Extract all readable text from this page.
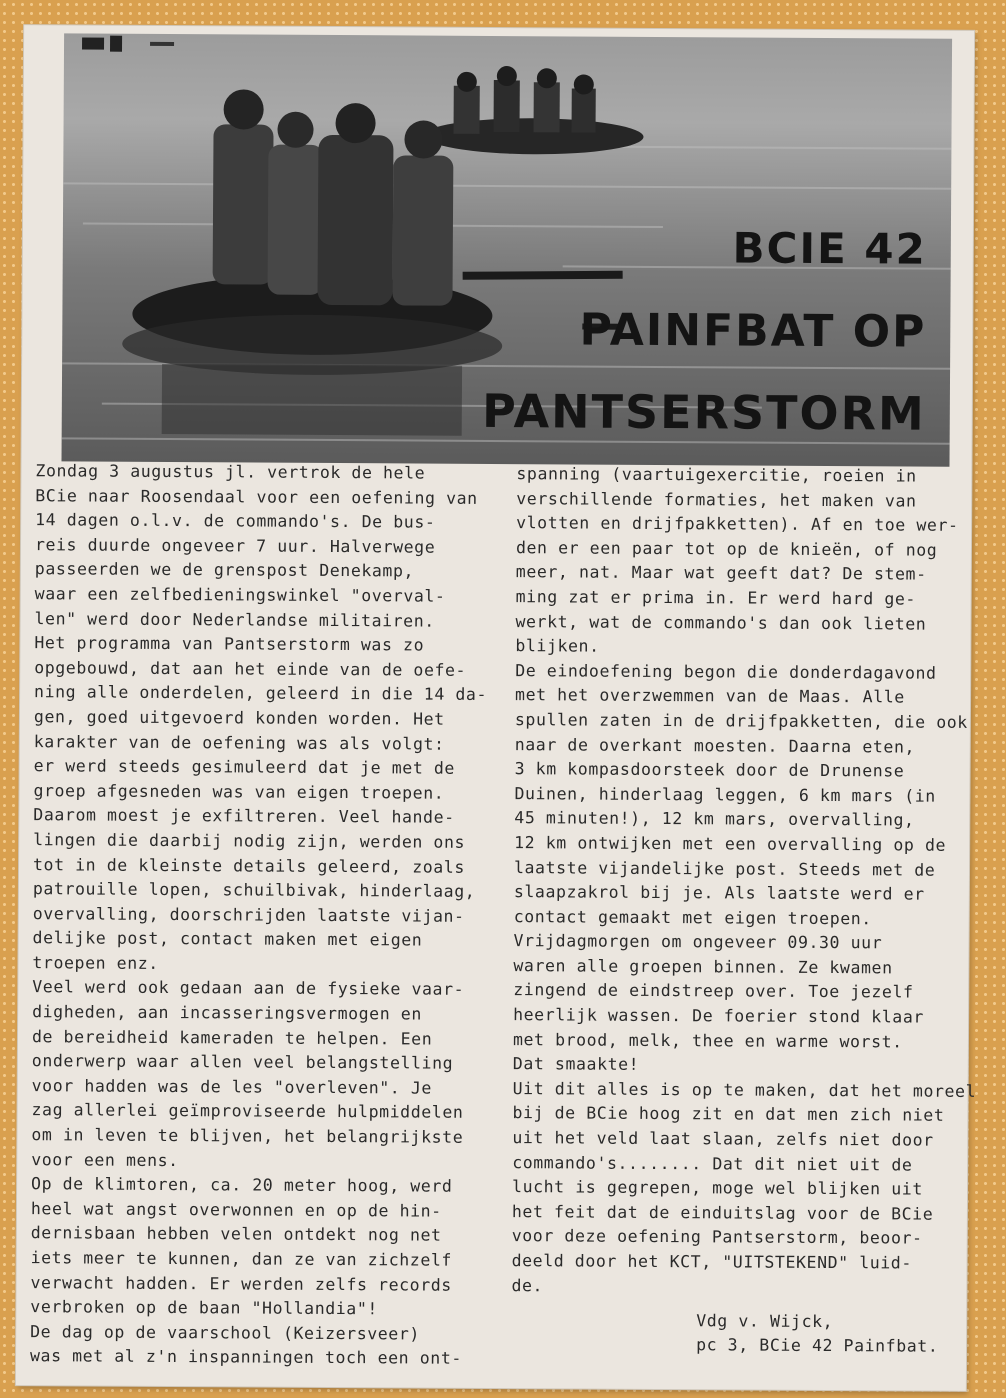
BCIE 42
PAINFBAT OP
PANTSERSTORM
Zondag 3 augustus jl. vertrok de hele
BCie naar Roosendaal voor een oefening van
14 dagen o.l.v. de commando's. De bus-
reis duurde ongeveer 7 uur. Halverwege
passeerden we de grenspost Denekamp,
waar een zelfbedieningswinkel "overval-
len" werd door Nederlandse militairen.
Het programma van Pantserstorm was zo
opgebouwd, dat aan het einde van de oefe-
ning alle onderdelen, geleerd in die 14 da-
gen, goed uitgevoerd konden worden. Het
karakter van de oefening was als volgt:
er werd steeds gesimuleerd dat je met de
groep afgesneden was van eigen troepen.
Daarom moest je exfiltreren. Veel hande-
lingen die daarbij nodig zijn, werden ons
tot in de kleinste details geleerd, zoals
patrouille lopen, schuilbivak, hinderlaag,
overvalling, doorschrijden laatste vijan-
delijke post, contact maken met eigen
troepen enz.
Veel werd ook gedaan aan de fysieke vaar-
digheden, aan incasseringsvermogen en
de bereidheid kameraden te helpen. Een
onderwerp waar allen veel belangstelling
voor hadden was de les "overleven". Je
zag allerlei geïmproviseerde hulpmiddelen
om in leven te blijven, het belangrijkste
voor een mens.
Op de klimtoren, ca. 20 meter hoog, werd
heel wat angst overwonnen en op de hin-
dernisbaan hebben velen ontdekt nog net
iets meer te kunnen, dan ze van zichzelf
verwacht hadden. Er werden zelfs records
verbroken op de baan "Hollandia"!
De dag op de vaarschool (Keizersveer)
was met al z'n inspanningen toch een ont-
spanning (vaartuigexercitie, roeien in
verschillende formaties, het maken van
vlotten en drijfpakketten). Af en toe wer-
den er een paar tot op de knieën, of nog
meer, nat. Maar wat geeft dat? De stem-
ming zat er prima in. Er werd hard ge-
werkt, wat de commando's dan ook lieten
blijken.
De eindoefening begon die donderdagavond
met het overzwemmen van de Maas. Alle
spullen zaten in de drijfpakketten, die ook
naar de overkant moesten. Daarna eten,
3 km kompasdoorsteek door de Drunense
Duinen, hinderlaag leggen, 6 km mars (in
45 minuten!), 12 km mars, overvalling,
12 km ontwijken met een overvalling op de
laatste vijandelijke post. Steeds met de
slaapzakrol bij je. Als laatste werd er
contact gemaakt met eigen troepen.
Vrijdagmorgen om ongeveer 09.30 uur
waren alle groepen binnen. Ze kwamen
zingend de eindstreep over. Toe jezelf
heerlijk wassen. De foerier stond klaar
met brood, melk, thee en warme worst.
Dat smaakte!
Uit dit alles is op te maken, dat het moreel
bij de BCie hoog zit en dat men zich niet
uit het veld laat slaan, zelfs niet door
commando's........ Dat dit niet uit de
lucht is gegrepen, moge wel blijken uit
het feit dat de einduitslag voor de BCie
voor deze oefening Pantserstorm, beoor-
deeld door het KCT, "UITSTEKEND" luid-
de.
Vdg v. Wijck,
pc 3, BCie 42 Painfbat.
